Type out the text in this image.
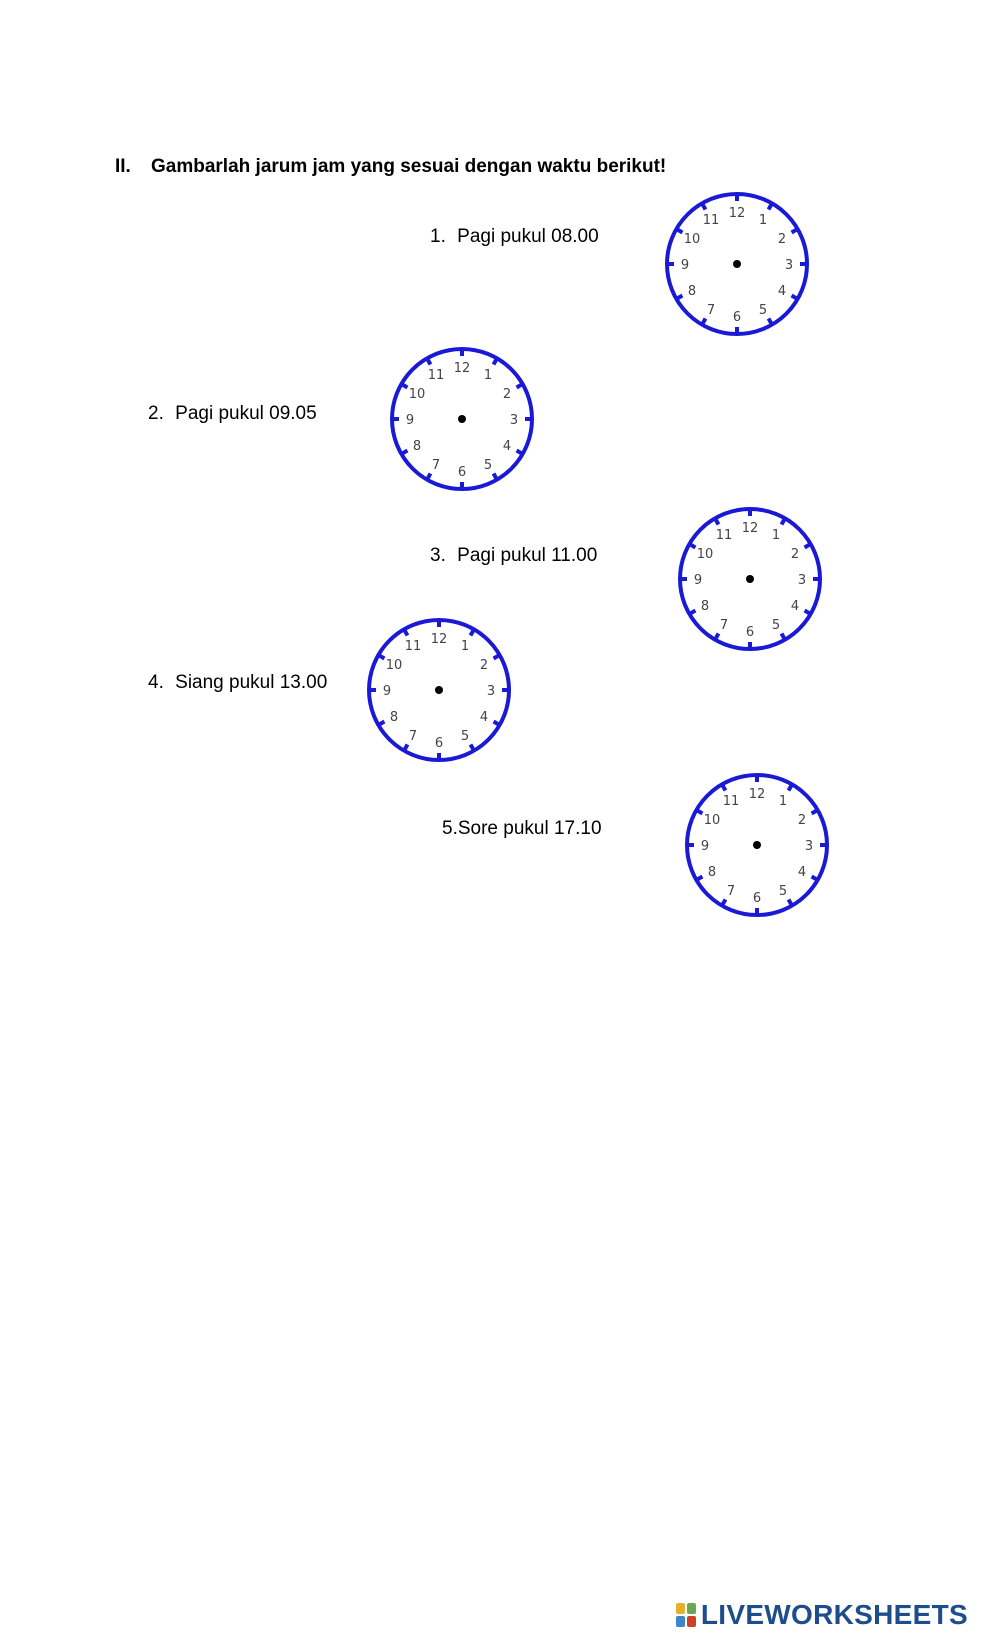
II. Gambarlah jarum jam yang sesuai dengan waktu berikut!
1. Pagi pukul 08.00
2. Pagi pukul 09.05
3. Pagi pukul 11.00
4. Siang pukul 13.00
5.Sore pukul 17.10
12 1
2
3
4
5
6
7
8
9
10
11
12 1
2
3
4
5
6
7
8
9
10
11
12 1
2
3
4
5
6
7
8
9
10
11
12 1
2
3
4
5
6
7
8
9
10
11
12 1
2
3
4
5
6
7
8
9
10
11
LIVEWORKSHEETS
